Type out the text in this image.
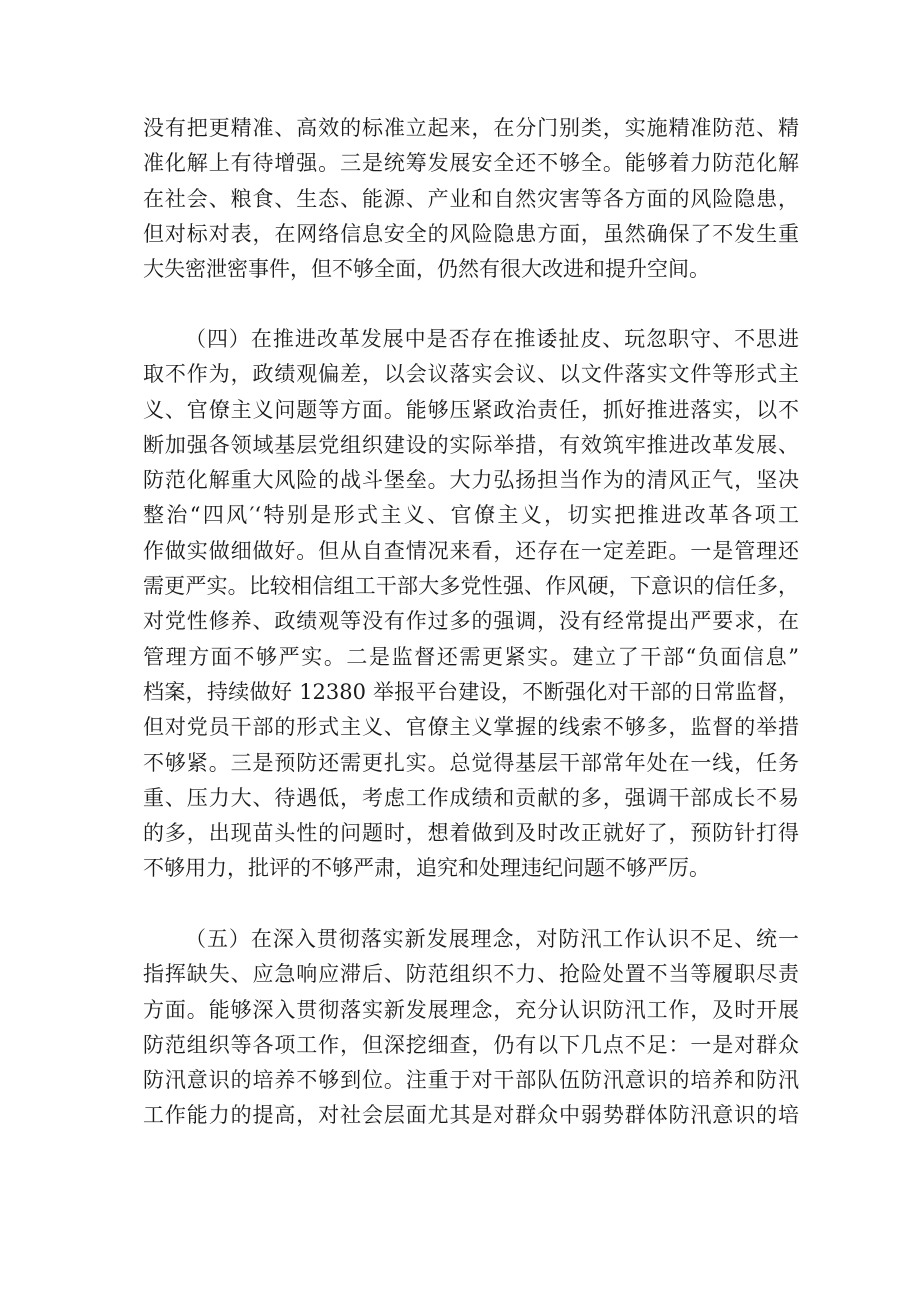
没有把更精准、高效的标准立起来，在分门别类，实施精准防范、精
准化解上有待增强。三是统筹发展安全还不够全。能够着力防范化解
在社会、粮食、生态、能源、产业和自然灾害等各方面的风险隐患，
但对标对表，在网络信息安全的风险隐患方面，虽然确保了不发生重
大失密泄密事件，但不够全面，仍然有很大改进和提升空间。
（四）在推进改革发展中是否存在推诿扯皮、玩忽职守、不思进
取不作为，政绩观偏差，以会议落实会议、以文件落实文件等形式主
义、官僚主义问题等方面。能够压紧政治责任，抓好推进落实，以不
断加强各领域基层党组织建设的实际举措，有效筑牢推进改革发展、
防范化解重大风险的战斗堡垒。大力弘扬担当作为的清风正气，坚决
整治“四风′‘特别是形式主义、官僚主义，切实把推进改革各项工
作做实做细做好。但从自查情况来看，还存在一定差距。一是管理还
需更严实。比较相信组工干部大多党性强、作风硬，下意识的信任多，
对党性修养、政绩观等没有作过多的强调，没有经常提出严要求，在
管理方面不够严实。二是监督还需更紧实。建立了干部“负面信息”
档案，持续做好 12380 举报平台建设，不断强化对干部的日常监督，
但对党员干部的形式主义、官僚主义掌握的线索不够多，监督的举措
不够紧。三是预防还需更扎实。总觉得基层干部常年处在一线，任务
重、压力大、待遇低，考虑工作成绩和贡献的多，强调干部成长不易
的多，出现苗头性的问题时，想着做到及时改正就好了，预防针打得
不够用力，批评的不够严肃，追究和处理违纪问题不够严厉。
（五）在深入贯彻落实新发展理念，对防汛工作认识不足、统一
指挥缺失、应急响应滞后、防范组织不力、抢险处置不当等履职尽责
方面。能够深入贯彻落实新发展理念，充分认识防汛工作，及时开展
防范组织等各项工作，但深挖细查，仍有以下几点不足：一是对群众
防汛意识的培养不够到位。注重于对干部队伍防汛意识的培养和防汛
工作能力的提高，对社会层面尤其是对群众中弱势群体防汛意识的培
